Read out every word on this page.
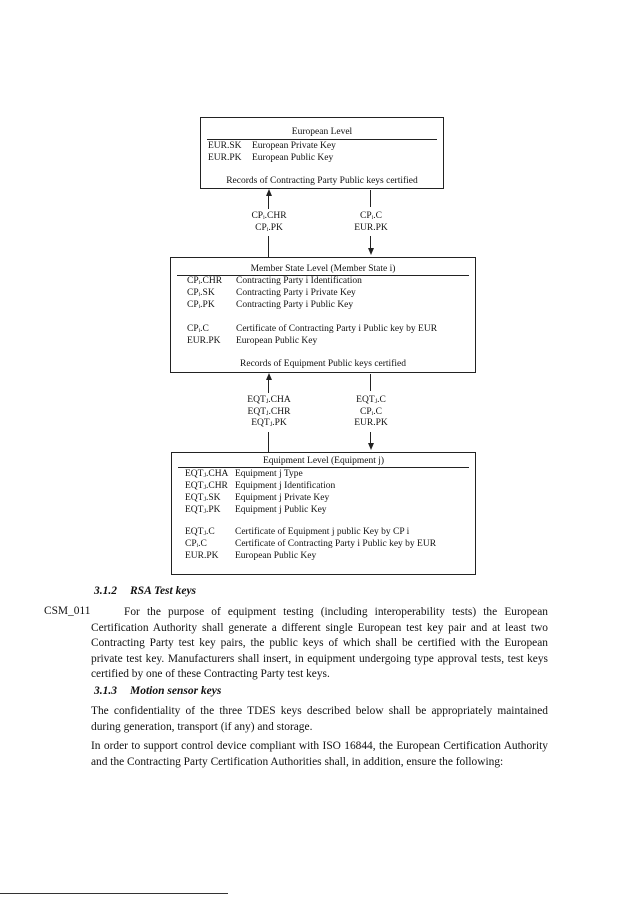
European Level
EUR.SK European Private Key
EUR.PK European Public Key
Records of Contracting Party Public keys certified
CPᵢ.CHR
CPᵢ.PK
CPᵢ.C
EUR.PK
Member State Level (Member State i)
CPᵢ.CHR Contracting Party i Identification
CPᵢ.SK Contracting Party i Private Key
CPᵢ.PK Contracting Party i Public Key
CPᵢ.C	Certificate of Contracting Party i Public key by EUR
EUR.PK European Public Key
Records of Equipment Public keys certified
EQTⱼ.CHA
EQTⱼ.CHR
EQTⱼ.PK
EQTⱼ.C
CPᵢ.C
EUR.PK
Equipment Level (Equipment j)
EQTⱼ.CHA Equipment j Type
EQTⱼ.CHR Equipment j Identification
EQTⱼ.SK Equipment j Private Key
EQTⱼ.PK Equipment j Public Key
EQTⱼ.C Certificate of Equipment j public Key by CP i
CPᵢ.C	Certificate of Contracting Party i Public key by EUR
EUR.PK European Public Key
3.1.2 RSA Test keys
CSM_011	For the purpose of equipment testing (including interoperability tests) the European Certification Authority shall generate a different single European test key pair and at least two Contracting Party test key pairs, the public keys of which shall be certified with the European private test key. Manufacturers shall insert, in equipment undergoing type approval tests, test keys certified by one of these Contracting Party test keys.
3.1.3 Motion sensor keys
The confidentiality of the three TDES keys described below shall be appropriately maintained during generation, transport (if any) and storage.
In order to support control device compliant with ISO 16844, the European Certification Authority and the Contracting Party Certification Authorities shall, in addition, ensure the following:
